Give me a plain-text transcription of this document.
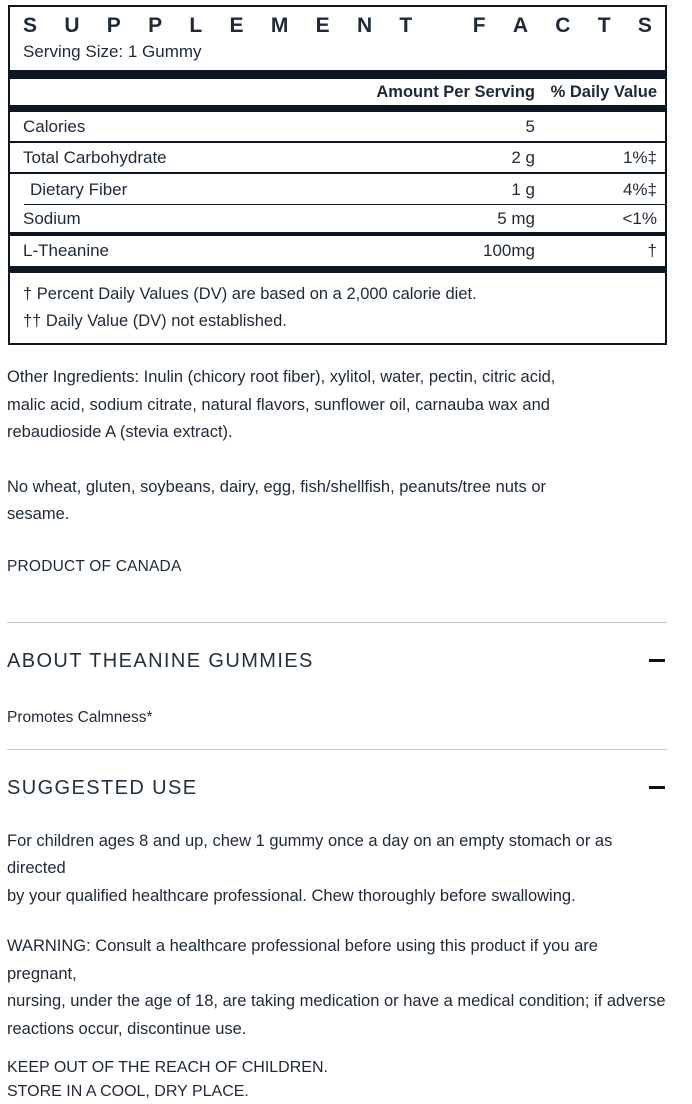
S U P P L E M E N T
	F A C T S
Serving Size: 1 Gummy
Amount Per Serving % Daily Value
Calories	5
Total Carbohydrate	2 g	1%‡
Dietary Fiber	1 g	4%‡
Sodium	5 mg	<1%
L-Theanine	100mg	†
† Percent Daily Values (DV) are based on a 2,000 calorie diet.
†† Daily Value (DV) not established.

Other Ingredients: Inulin (chicory root fiber), xylitol, water, pectin, citric acid,
malic acid, sodium citrate, natural flavors, sunflower oil, carnauba wax and
rebaudioside A (stevia extract).

No wheat, gluten, soybeans, dairy, egg, fish/shellfish, peanuts/tree nuts or
sesame.

PRODUCT OF CANADA

ABOUT THEANINE GUMMIES

Promotes Calmness*

SUGGESTED USE

For children ages 8 and up, chew 1 gummy once a day on an empty stomach or as directed
by your qualified healthcare professional. Chew thoroughly before swallowing.

WARNING: Consult a healthcare professional before using this product if you are pregnant,
nursing, under the age of 18, are taking medication or have a medical condition; if adverse
reactions occur, discontinue use.

KEEP OUT OF THE REACH OF CHILDREN.
STORE IN A COOL, DRY PLACE.
